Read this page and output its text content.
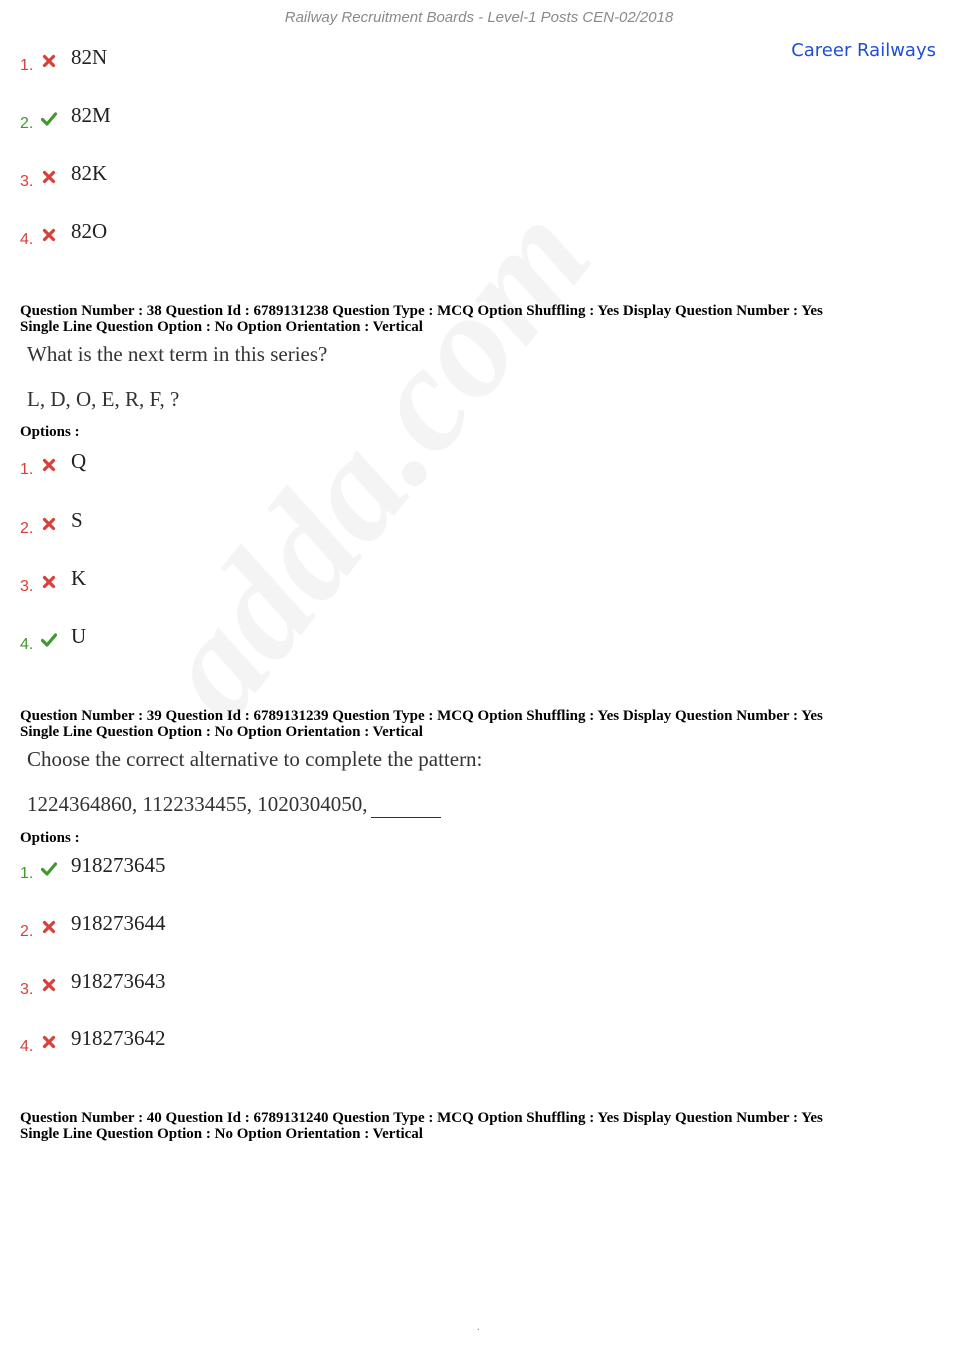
Railway Recruitment Boards - Level-1 Posts CEN-02/2018
Career Railways
1. 82N
2. 82M
3. 82K
4. 82O
Question Number : 38 Question Id : 6789131238 Question Type : MCQ Option Shuffling : Yes Display Question Number : Yes
Single Line Question Option : No Option Orientation : Vertical
What is the next term in this series?
L, D, O, E, R, F, ?
Options :
1. Q
2. S
3. K
4. U
Question Number : 39 Question Id : 6789131239 Question Type : MCQ Option Shuffling : Yes Display Question Number : Yes
Single Line Question Option : No Option Orientation : Vertical
Choose the correct alternative to complete the pattern:
1224364860, 1122334455, 1020304050,
Options :
1. 918273645
2. 918273644
3. 918273643
4. 918273642
Question Number : 40 Question Id : 6789131240 Question Type : MCQ Option Shuffling : Yes Display Question Number : Yes
Single Line Question Option : No Option Orientation : Vertical
.
